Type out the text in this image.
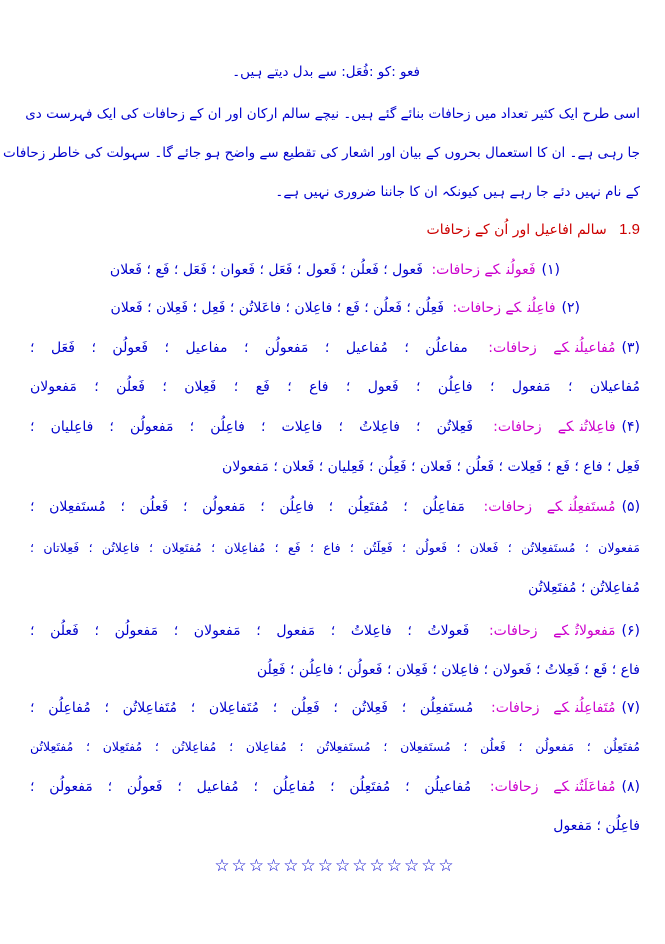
فعو :کو :فُعَل: سے بدل دیتے ہیں۔
اسی طرح ایک کثیر تعداد میں زحافات بنائے گئے ہیں۔ نیچے سالم ارکان اور ان کے زحافات کی ایک فہرست دی
جا رہی ہے۔ ان کا استعمال بحروں کے بیان اور اشعار کی تقطیع سے واضح ہو جائے گا۔ سہولت کی خاطر زحافات
کے نام نہیں دئے جا رہے ہیں کیونکہ ان کا جاننا ضروری نہیں ہے۔
1.9 سالم افاعیل اور اُن کے زحافات
(۱)فَعولُنکے زحافات: فَعول ؛ فَعلُن ؛ فَعول ؛ فَعَل ؛ فَعوان ؛ فَعَل ؛ فَع ؛ فَعلان
(۲)فاعِلُنکے زحافات: فَعِلُن ؛ فَعلُن ؛ فَع ؛ فاعِلان ؛ فاعَلاتُن ؛ فَعِل ؛ فَعِلان ؛ فَعلان
(۳)مُفاعیلُنکے زحافات: مفاعلُن ؛ مُفاعیل ؛ مَفعولُن ؛ مفاعیل ؛ فَعولُن ؛ فَعَل ؛
مُفاعیلان ؛ مَفعول ؛ فاعِلُن ؛ فَعول ؛ فاع ؛ فَع ؛ فَعِلان ؛ فَعلُن ؛ مَفعولان
(۴)فاعِلاتُنکے زحافات: فَعِلاتُن ؛ فاعِلاتُ ؛ فاعِلات ؛ فاعِلُن ؛ مَفعولُن ؛ فاعِلیان ؛
فَعِل ؛ فاع ؛ فَع ؛ فَعِلات ؛ فَعلُن ؛ فَعلان ؛ فَعِلُن ؛ فَعِلیان ؛ فَعلان ؛ مَفعولان
(۵)مُستَفعِلُنکے زحافات: مَفاعِلُن ؛ مُفتَعِلُن ؛ فاعِلُن ؛ مَفعولُن ؛ فَعلُن ؛ مُستَفعِلان ؛
مَفعولان ؛ مُستَفعِلاتُن ؛ فَعلان ؛ فَعولُن ؛ فَعِلَتُن ؛ فاع ؛ فَع ؛ مُفاعِلان ؛ مُفتَعِلان ؛ فاعِلاتُن ؛ فَعِلاتان ؛
مُفاعِلاتُن ؛ مُفتَعِلاتُن
(۶)مَفعولاتُکے زحافات: فَعولاتُ ؛ فاعِلاتُ ؛ مَفعول ؛ مَفعولان ؛ مَفعولُن ؛ فَعلُن ؛
فاع ؛ فَع ؛ فَعِلاتُ ؛ فَعولان ؛ فاعِلان ؛ فَعِلان ؛ فَعولُن ؛ فاعِلُن ؛ فَعِلُن
(۷)مُتَفاعِلُنکے زحافات: مُستَفعِلُن ؛ فَعِلاتُن ؛ فَعِلُن ؛ مُتَفاعِلان ؛ مُتَفاعِلاتُن ؛ مُفاعِلُن ؛
مُفتَعِلُن ؛ مَفعولُن ؛ فَعلُن ؛ مُستَفعِلان ؛ مُستَفعِلاتُن ؛ مُفاعِلان ؛ مُفاعِلاتُن ؛ مُفتَعِلان ؛ مُفتَعِلاتُن
(۸)مُفاعَلَتُنکے زحافات: مُفاعیلُن ؛ مُفتَعِلُن ؛ مُفاعِلُن ؛ مُفاعیل ؛ فَعولُن ؛ مَفعولُن ؛
فاعِلُن ؛ مَفعول
☆☆☆☆☆☆☆☆☆☆☆☆☆☆
